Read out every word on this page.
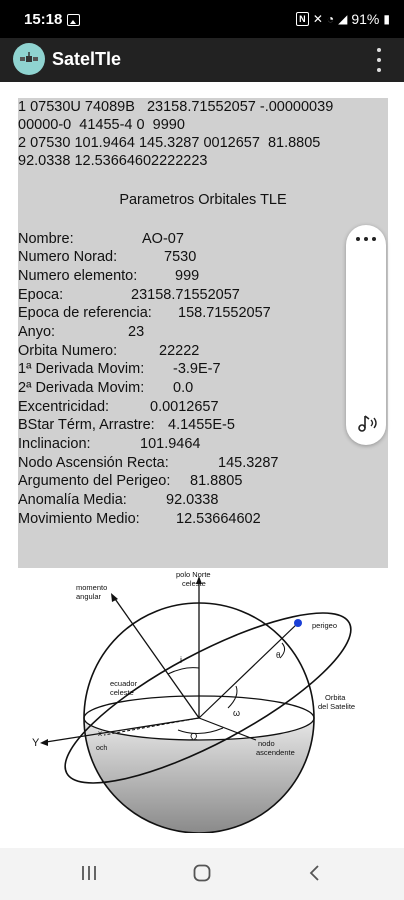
15:18	N ✕ ◔ ◢ 91% ▮
SatelTle
1 07530U 74089B   23158.71552057 -.00000039
00000-0  41455-4 0  9990
2 07530 101.9464 145.3287 0012657  81.8805
92.0338 12.53664602222223
Parametros Orbitales TLE
Nombre:	AO-07
Numero Norad:	7530
Numero elemento:	999
Epoca:	23158.71552057
Epoca de referencia: 158.71552057
Anyo:	23
Orbita Numero:	22222
1ª Derivada Movim: -3.9E-7
2ª Derivada Movim: 0.0
Excentricidad:	0.0012657
BStar Térm, Arrastre: 4.1455E-5
Inclinacion:	101.9464
Nodo Ascensión Recta:	145.3287
Argumento del Perigeo: 81.8805
Anomalía Media:	92.0338
Movimiento Medio:	12.53664602
polo Norte
celeste
momento
angular
perigeo
ecuador
celeste
Orbita
del Satelite
Y
x
och
Ω
ω
i	θ
nodo
ascendente
